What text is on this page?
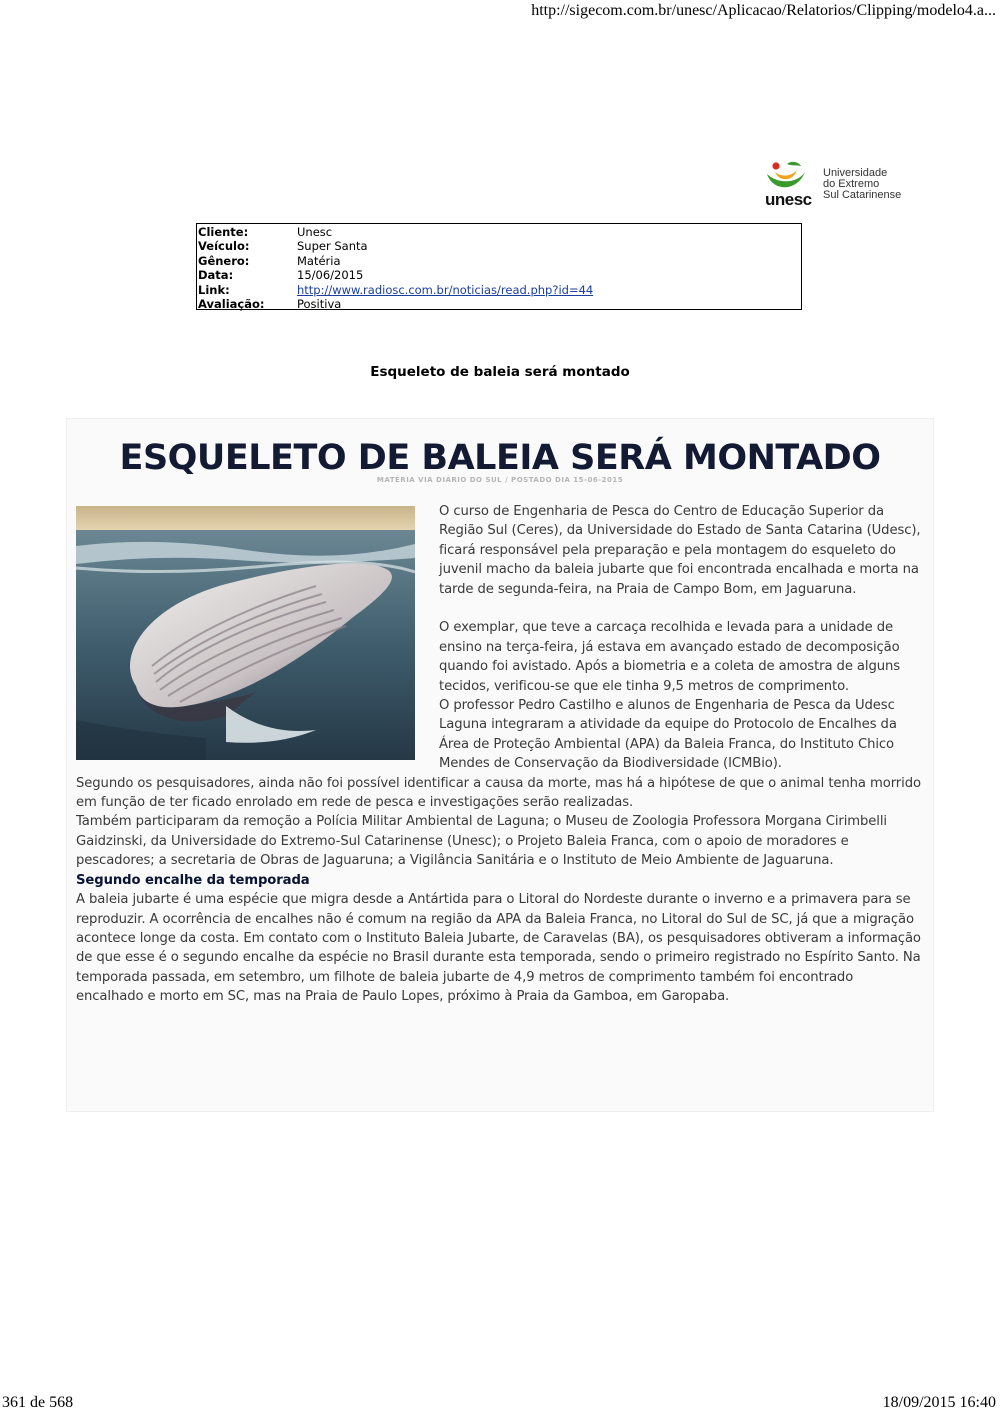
http://sigecom.com.br/unesc/Aplicacao/Relatorios/Clipping/modelo4.a...
unesc
Universidade
do Extremo
Sul Catarinense
Cliente:	Unesc
Veículo:	Super Santa
Gênero:	Matéria
Data:	15/06/2015
Link:	http://www.radiosc.com.br/noticias/read.php?id=44
Avaliação:	Positiva
Esqueleto de baleia será montado
ESQUELETO DE BALEIA SERÁ MONTADO
MATÉRIA VIA DIÁRIO DO SUL / POSTADO DIA 15-06-2015

O curso de Engenharia de Pesca do Centro de Educação Superior da Região Sul (Ceres), da Universidade do Estado de Santa Catarina (Udesc), ficará responsável pela preparação e pela montagem do esqueleto do juvenil macho da baleia jubarte que foi encontrada encalhada e morta na tarde de segunda-feira, na Praia de Campo Bom, em Jaguaruna.

O exemplar, que teve a carcaça recolhida e levada para a unidade de ensino na terça-feira, já estava em avançado estado de decomposição quando foi avistado. Após a biometria e a coleta de amostra de alguns tecidos, verificou-se que ele tinha 9,5 metros de comprimento.

O professor Pedro Castilho e alunos de Engenharia de Pesca da Udesc Laguna integraram a atividade da equipe do Protocolo de Encalhes da Área de Proteção Ambiental (APA) da Baleia Franca, do Instituto Chico Mendes de Conservação da Biodiversidade (ICMBio).

Segundo os pesquisadores, ainda não foi possível identificar a causa da morte, mas há a hipótese de que o animal tenha morrido em função de ter ficado enrolado em rede de pesca e investigações serão realizadas.

Também participaram da remoção a Polícia Militar Ambiental de Laguna; o Museu de Zoologia Professora Morgana Cirimbelli Gaidzinski, da Universidade do Extremo-Sul Catarinense (Unesc); o Projeto Baleia Franca, com o apoio de moradores e pescadores; a secretaria de Obras de Jaguaruna; a Vigilância Sanitária e o Instituto de Meio Ambiente de Jaguaruna.

Segundo encalhe da temporada

A baleia jubarte é uma espécie que migra desde a Antártida para o Litoral do Nordeste durante o inverno e a primavera para se reproduzir. A ocorrência de encalhes não é comum na região da APA da Baleia Franca, no Litoral do Sul de SC, já que a migração acontece longe da costa. Em contato com o Instituto Baleia Jubarte, de Caravelas (BA), os pesquisadores obtiveram a informação de que esse é o segundo encalhe da espécie no Brasil durante esta temporada, sendo o primeiro registrado no Espírito Santo. Na temporada passada, em setembro, um filhote de baleia jubarte de 4,9 metros de comprimento também foi encontrado encalhado e morto em SC, mas na Praia de Paulo Lopes, próximo à Praia da Gamboa, em Garopaba.

361 de 568	18/09/2015 16:40
